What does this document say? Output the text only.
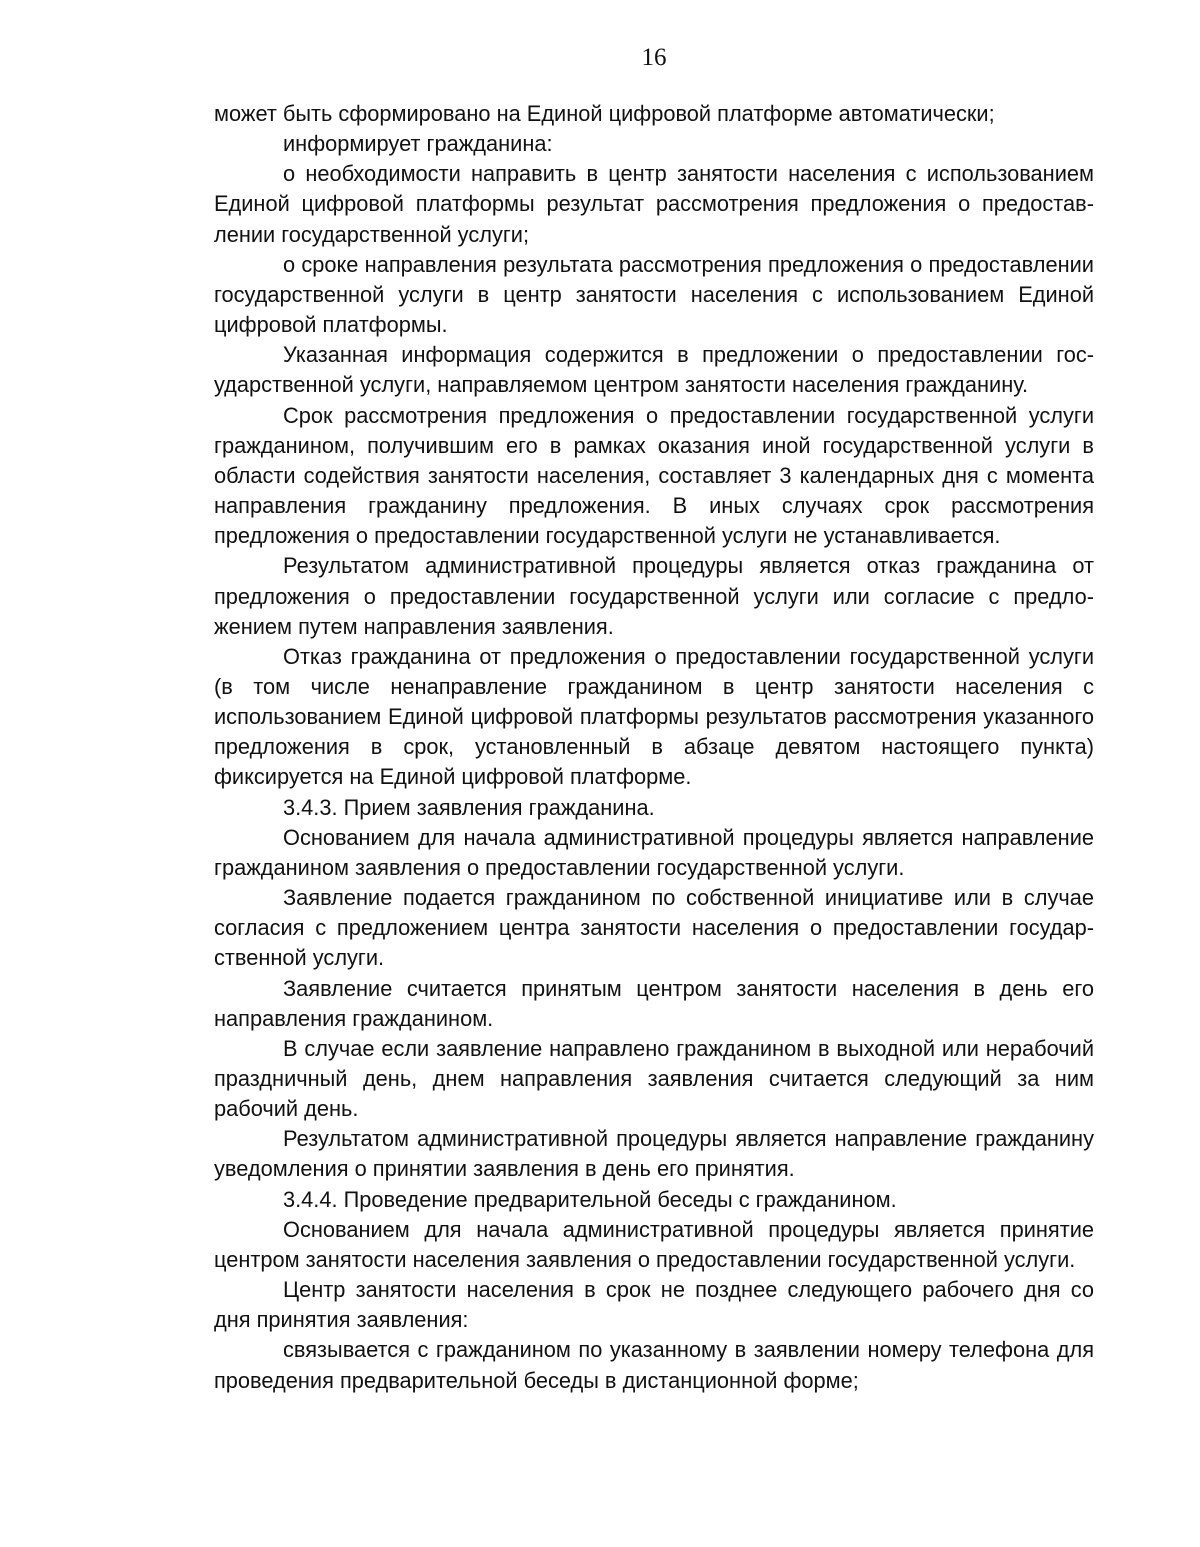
16

может быть сформировано на Единой цифровой платформе автоматически;

информирует гражданина:

о необходимости направить в центр занятости населения с использованием Единой цифровой платформы результат рассмотрения предложения о предоставлении государственной услуги;

о сроке направления результата рассмотрения предложения о предоставлении государственной услуги в центр занятости населения с использованием Единой цифровой платформы.

Указанная информация содержится в предложении о предоставлении государственной услуги, направляемом центром занятости населения гражданину.

Срок рассмотрения предложения о предоставлении государственной услуги гражданином, получившим его в рамках оказания иной государственной услуги в области содействия занятости населения, составляет 3 календарных дня с момента направления гражданину предложения. В иных случаях срок рассмотрения предложения о предоставлении государственной услуги не устанавливается.

Результатом административной процедуры является отказ гражданина от предложения о предоставлении государственной услуги или согласие с предложением путем направления заявления.

Отказ гражданина от предложения о предоставлении государственной услуги (в том числе ненаправление гражданином в центр занятости населения с использованием Единой цифровой платформы результатов рассмотрения указанного предложения в срок, установленный в абзаце девятом настоящего пункта) фиксируется на Единой цифровой платформе.

3.4.3. Прием заявления гражданина.

Основанием для начала административной процедуры является направление гражданином заявления о предоставлении государственной услуги.

Заявление подается гражданином по собственной инициативе или в случае согласия с предложением центра занятости населения о предоставлении государственной услуги.

Заявление считается принятым центром занятости населения в день его направления гражданином.

В случае если заявление направлено гражданином в выходной или нерабочий праздничный день, днем направления заявления считается следующий за ним рабочий день.

Результатом административной процедуры является направление гражданину уведомления о принятии заявления в день его принятия.

3.4.4. Проведение предварительной беседы с гражданином.

Основанием для начала административной процедуры является принятие центром занятости населения заявления о предоставлении государственной услуги.

Центр занятости населения в срок не позднее следующего рабочего дня со дня принятия заявления:

связывается с гражданином по указанному в заявлении номеру телефона для проведения предварительной беседы в дистанционной форме;
